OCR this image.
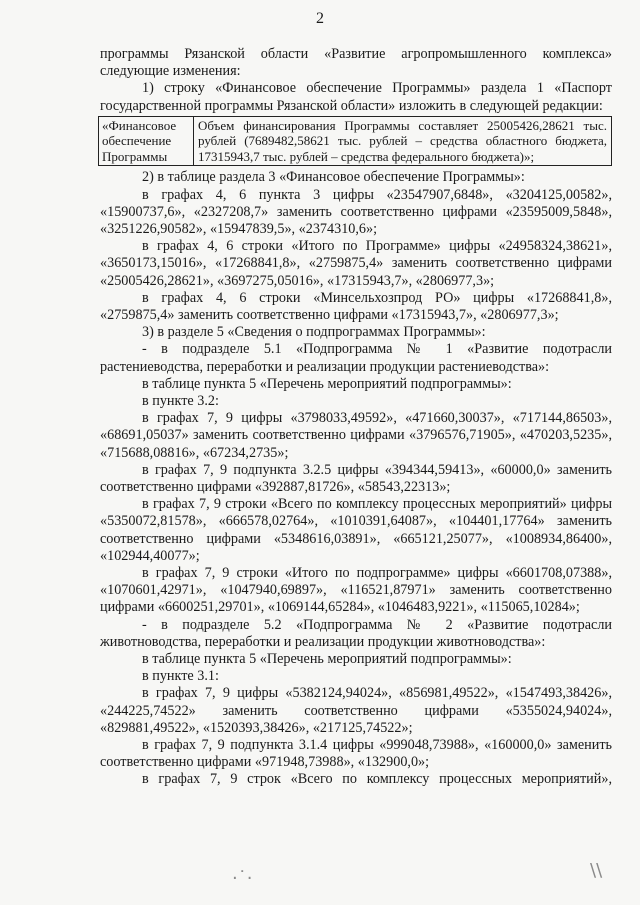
2

программы Рязанской области «Развитие агропромышленного комплекса» следующие изменения:

1) строку «Финансовое обеспечение Программы» раздела 1 «Паспорт государственной программы Рязанской области» изложить в следующей редакции:

«Финансовое обеспечение Программы
Объем финансирования Программы составляет 25005426,28621 тыс. рублей (7689482,58621 тыс. рублей – средства областного бюджета, 17315943,7 тыс. рублей – средства федерального бюджета)»;

2) в таблице раздела 3 «Финансовое обеспечение Программы»:

в графах 4, 6 пункта 3 цифры «23547907,6848», «3204125,00582», «15900737,6», «2327208,7» заменить соответственно цифрами «23595009,5848», «3251226,90582», «15947839,5», «2374310,6»;

в графах 4, 6 строки «Итого по Программе» цифры «24958324,38621», «3650173,15016», «17268841,8», «2759875,4» заменить соответственно цифрами «25005426,28621», «3697275,05016», «17315943,7», «2806977,3»;

в графах 4, 6 строки «Минсельхозпрод РО» цифры «17268841,8», «2759875,4» заменить соответственно цифрами «17315943,7», «2806977,3»;

3) в разделе 5 «Сведения о подпрограммах Программы»:

- в подразделе 5.1 «Подпрограмма № 1 «Развитие подотрасли растениеводства, переработки и реализации продукции растениеводства»:

в таблице пункта 5 «Перечень мероприятий подпрограммы»:

в пункте 3.2:

в графах 7, 9 цифры «3798033,49592», «471660,30037», «717144,86503», «68691,05037» заменить соответственно цифрами «3796576,71905», «470203,5235», «715688,08816», «67234,2735»;

в графах 7, 9 подпункта 3.2.5 цифры «394344,59413», «60000,0» заменить соответственно цифрами «392887,81726», «58543,22313»;

в графах 7, 9 строки «Всего по комплексу процессных мероприятий» цифры «5350072,81578», «666578,02764», «1010391,64087», «104401,17764» заменить соответственно цифрами «5348616,03891», «665121,25077», «1008934,86400», «102944,40077»;

в графах 7, 9 строки «Итого по подпрограмме» цифры «6601708,07388», «1070601,42971», «1047940,69897», «116521,87971» заменить соответственно цифрами «6600251,29701», «1069144,65284», «1046483,9221», «115065,10284»;

- в подразделе 5.2 «Подпрограмма № 2 «Развитие подотрасли животноводства, переработки и реализации продукции животноводства»:

в таблице пункта 5 «Перечень мероприятий подпрограммы»:

в пункте 3.1:

в графах 7, 9 цифры «5382124,94024», «856981,49522», «1547493,38426», «244225,74522» заменить соответственно цифрами «5355024,94024», «829881,49522», «1520393,38426», «217125,74522»;

в графах 7, 9 подпункта 3.1.4 цифры «999048,73988», «160000,0» заменить соответственно цифрами «971948,73988», «132900,0»;

в графах 7, 9 строк «Всего по комплексу процессных мероприятий»,

·˙·	\\
